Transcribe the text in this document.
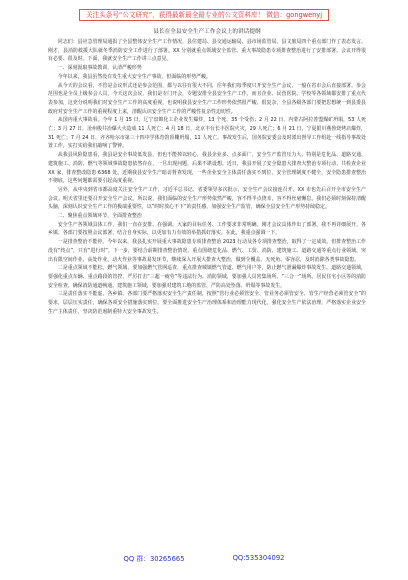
关注头条号“公文研究”，获得最新最全最专业的公文资料库！ 微信：gongwenyj
县长在全县安全生产工作会议上的讲话提纲

同志们：县应急管理局通报了全县整体安全生产工作情况，县住建局、县交通运输局、县市场监管局、县文旅局四个重点部门作了表态发言。刚才，县消防救援大队就冬季消防安全工作进行了部署。XX 分别就重点领域安全监管、重大事故隐患专项排查整治进行了安排部署。会议开得很有必要、很及时。下面，我就安全生产工作讲三点意见。

一、深刻汲取事故教训，认清严峻形势

今年以来，我县虽然没有发生重大安全生产事故，但面临的形势严峻。

从今天的会议看，不管是会议形式还是参会范围，都与以往有很大不同，往年我们每季度只开安全生产会议，一般在省市会后直接部署。参会范围也是全员上级参会人员，今天这次会议，我们是专门开会，专题安排全县安全生产工作，而且企业、民营医院、学校等各领域都安排了重点代表参加，这充分说明我们对安全生产工作的高度重视，也说明我县安全生产工作形势依然很严峻、很复杂，全县各级各部门要把思想统一到县委县政府对安全生产工作的重视程度上来，清醒认识安全生产工作的严峻性复杂性迫切性。

从国内重大事故看。今年 1 月 15 日，辽宁盘锦化工企业发生爆炸，13 个死、35 个受伤；2 月 22 日，内蒙古阿拉善盟煤矿坍塌，53 人死亡；3 月 27 日，沧州梭井冶爆大火造成 11 人死亡；4 月 18 日，北京丰台长丰医院火灾，29 人死亡；6 月 21 日，宁夏银川燕鲁烧烤店爆炸，31 死亡；7 月 24 日，齐齐哈尔市第三十四中学体育馆顶棚坍塌，11 人死亡。事故发生后，国务院安委会及时派出督导工作组赴一线指导事故处置工作，实打实给我们敲响了警钟。

从我县风险隐患看，我县是安全事故低发县，但也不能掉以轻心，我县企业多、点多面广，安全生产监管压力大，特别是危化品、道路交通、建筑施工、消防、燃气等领域事故隐患依然存在，一旦出现问题，后果不堪设想。近日，我县开展了安全隐患大排查大整治专项行动，共检查企业 XX 家，排查整改隐患 6368 处。近期我县安全生产暗访督查发现，一些企业安全主体责任落实不到位，安全管理制度不健全，安全隐患排查整治不彻底，这些问题都需要引起高度重视。

另外，从中央到省市都高度关注安全生产工作，习近平总书记、省委领导多次批示，安全生产会议接连召开，XX 市也先后召开全市安全生产会议。明天省里还要召开安全生产会议。所以说，我们面临的安全生产形势依然严峻，容不得半点侥幸，容不得丝毫懈怠。我们必须时刻保持清醒头脑，深刻认识安全生产工作的极端重要性，以“时时放心不下”的责任感，加强安全生产监管，确保全县安全生产形势持续稳定。

二、聚焦重点领域环节，全面排查整治

安全生产各领域具体工作，我们一直在安排、在强调。大家的目标任务、工作要求非常明确。刚才会议具体作出了部署，我不再详细展开。各乡镇、各部门要按照会议部署，结合自身实际，以更加有力有效的举措抓好落实。在此，我重点强调一下。

一是排查整治不能停。今年以来，我县扎实开展重大事故隐患专项排查整治 2023 行动及各专项排查整治，取得了一定成效。但排查整治工作没有“终点”，只有“进行时”。下一步，要结合前期排查整治情况，重点围绕危化品、燃气、工贸、消防、建筑施工、道路交通等重点行业领域，突出有限空间作业、高处作业、动火作业等事故易发环节，继续深入开展大排查大整治，做到全覆盖、无死角、零容忍，及时消除各类事故隐患。

二是重点领域不能松。燃气领域，要加强燃气管网巡查，重点排查城镇燃气管道、燃气用户等，防止燃气泄漏爆炸事故发生。道路交通领域，要强化重点车辆、重点路段的管控，严厉打击“三超一疲劳”等违法行为。消防领域，要加强人员密集场所、“三合一”场所、居民住宅小区等的消防安全检查，确保消防通道畅通。建筑施工领域，要加强对建筑工地的监管，严防高处坠落、坍塌等事故发生。

三是责任落实不能虚。各乡镇、各部门要严格落实安全生产责任制，按照“管行业必须管安全、管业务必须管安全、管生产经营必须管安全”的要求，层层压实责任，确保各项安全措施落实到位。要全面推进安全生产治理体系和治理能力现代化，强化安全生产依法治理，严格落实企业安全生产主体责任，坚决防范遏制重特大安全事故发生。

QQ 群：30265665	QQ:535304092
